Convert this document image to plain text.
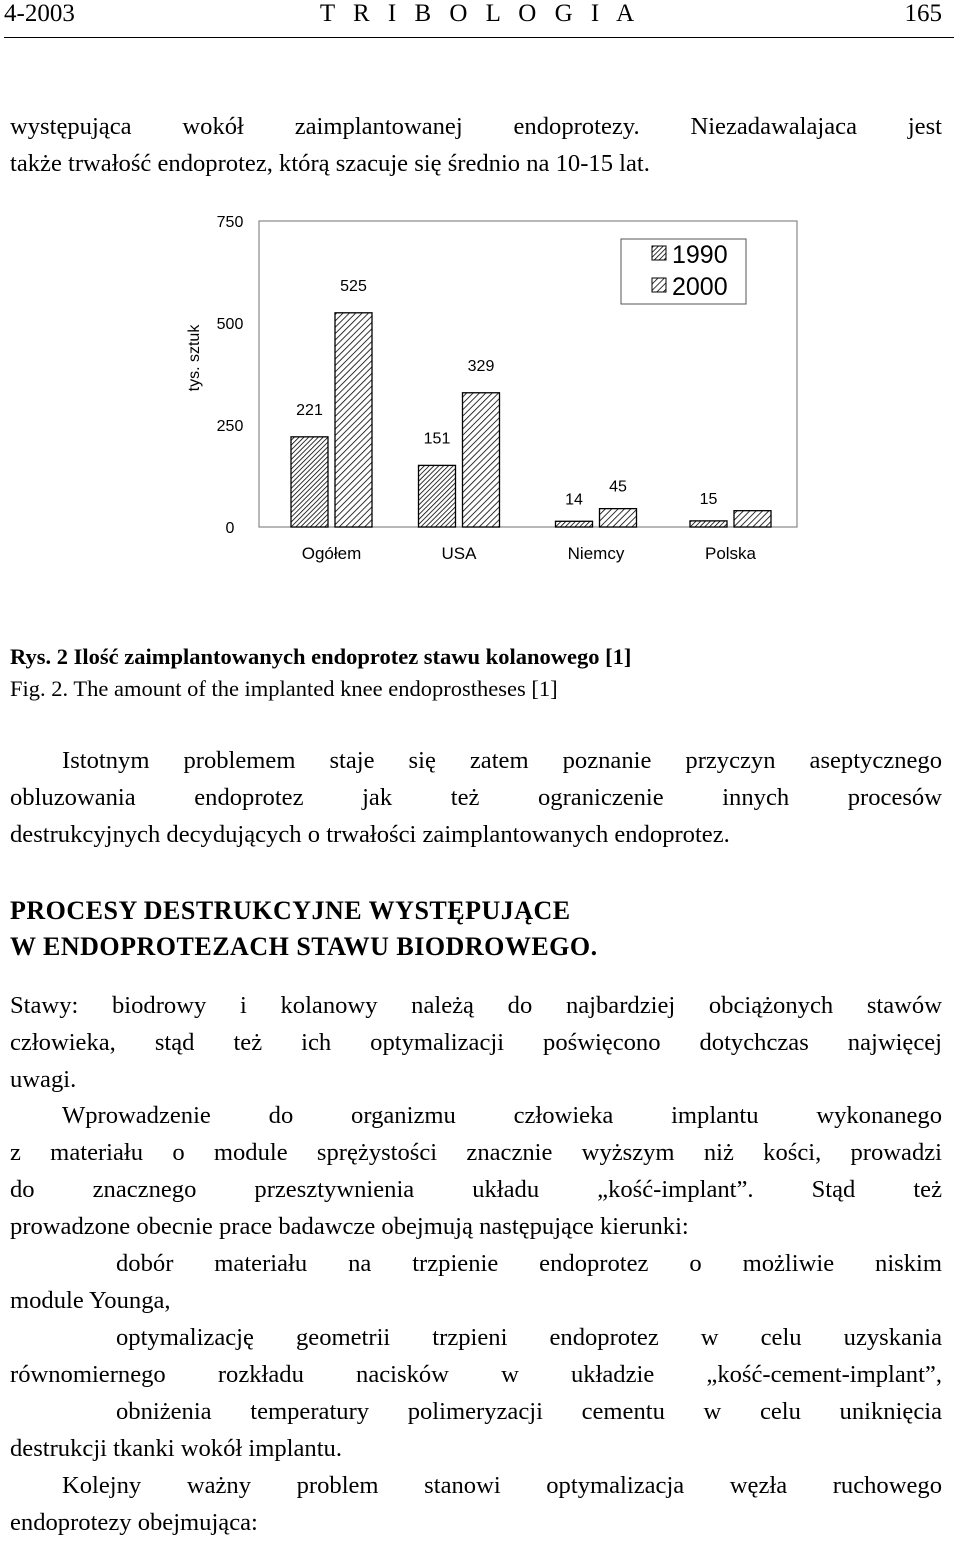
4-2003	T R I B O L O G I A	165
występująca wokół zaimplantowanej endoprotezy. Niezadawalajaca jest
także trwałość endoprotez, którą szacuje się średnio na 10-15 lat.
tys. sztuk
0
250
500
750
221
525
151
329
14
45
15
Ogółem	USA	Niemcy	Polska
1990
2000
Rys. 2 Ilość zaimplantowanych endoprotez stawu kolanowego [1]
Fig. 2. The amount of the implanted knee endoprostheses [1]
Istotnym problemem staje się zatem poznanie przyczyn aseptycznego
obluzowania endoprotez jak też ograniczenie innych procesów
destrukcyjnych decydujących o trwałości zaimplantowanych endoprotez.
PROCESY DESTRUKCYJNE WYSTĘPUJĄCE
W ENDOPROTEZACH STAWU BIODROWEGO.
Stawy: biodrowy i kolanowy należą do najbardziej obciążonych stawów
człowieka, stąd też ich optymalizacji poświęcono dotychczas najwięcej
uwagi.
Wprowadzenie do organizmu człowieka implantu wykonanego
z materiału o module sprężystości znacznie wyższym niż kości, prowadzi
do znacznego przesztywnienia układu „kość-implant”. Stąd też
prowadzone obecnie prace badawcze obejmują następujące kierunki:
dobór materiału na trzpienie endoprotez o możliwie niskim
module Younga,
optymalizację geometrii trzpieni endoprotez w celu uzyskania
równomiernego rozkładu nacisków w układzie „kość-cement-implant”,
obniżenia temperatury polimeryzacji cementu w celu uniknięcia
destrukcji tkanki wokół implantu.
Kolejny ważny problem stanowi optymalizacja węzła ruchowego
endoprotezy obejmująca:
